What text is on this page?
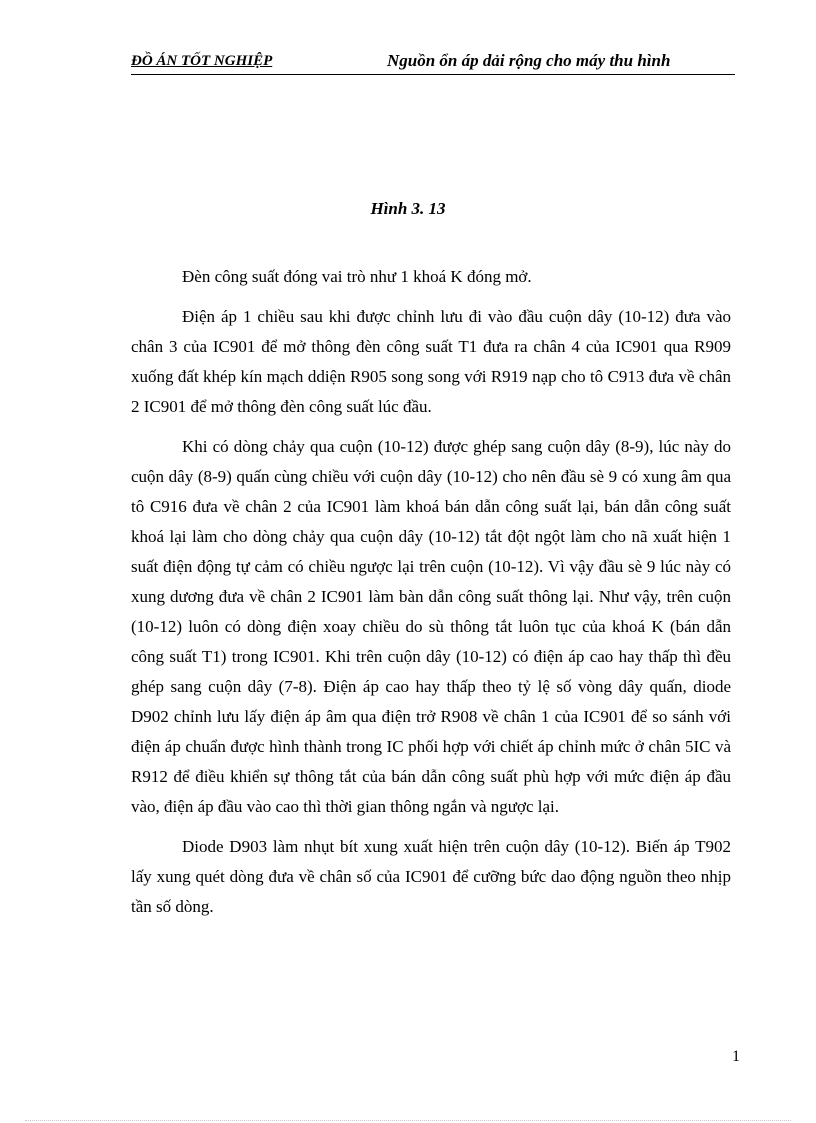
ĐỒ ÁN TỐT NGHIỆP	Nguồn ổn áp dải rộng cho máy thu hình
Hình 3. 13

Đèn công suất đóng vai trò như 1 khoá K đóng mở.

Điện áp 1 chiều sau khi được chỉnh lưu đi vào đầu cuộn dây (10-12) đưa vào chân 3 của IC901 để mở thông đèn công suất T1 đưa ra chân 4 của IC901 qua R909 xuống đất khép kín mạch ddiện R905 song song với R919 nạp cho tô C913 đưa về chân 2 IC901 để mở thông đèn công suất lúc đầu.

Khi có dòng chảy qua cuộn (10-12) được ghép sang cuộn dây (8-9), lúc này do cuộn dây (8-9) quấn cùng chiều với cuộn dây (10-12) cho nên đầu sè 9 có xung âm qua tô C916 đưa về chân 2 của IC901 làm khoá bán dẫn công suất lại, bán dẫn công suất khoá lại làm cho dòng chảy qua cuộn dây (10-12) tắt đột ngột làm cho nã xuất hiện 1 suất điện động tự cảm có chiều ngược lại trên cuộn (10-12). Vì vậy đầu sè 9 lúc này có xung dương đưa về chân 2 IC901 làm bàn dẫn công suất thông lại. Như vậy, trên cuộn (10-12) luôn có dòng điện xoay chiều do sù thông tắt luôn tục của khoá K (bán dẫn công suất T1) trong IC901. Khi trên cuộn dây (10-12) có điện áp cao hay thấp thì đều ghép sang cuộn dây (7-8). Điện áp cao hay thấp theo tỷ lệ số vòng dây quấn, diode D902 chỉnh lưu lấy điện áp âm qua điện trở R908 về chân 1 của IC901 để so sánh với điện áp chuẩn được hình thành trong IC phối hợp với chiết áp chỉnh mức ở chân 5IC và R912 để điều khiển sự thông tắt của bán dẫn công suất phù hợp với mức điện áp đầu vào, điện áp đầu vào cao thì thời gian thông ngắn và ngược lại.

Diode D903 làm nhụt bít xung xuất hiện trên cuộn dây (10-12). Biến áp T902 lấy xung quét dòng đưa về chân số của IC901 để cưỡng bức dao động nguồn theo nhịp tần số dòng.

1
